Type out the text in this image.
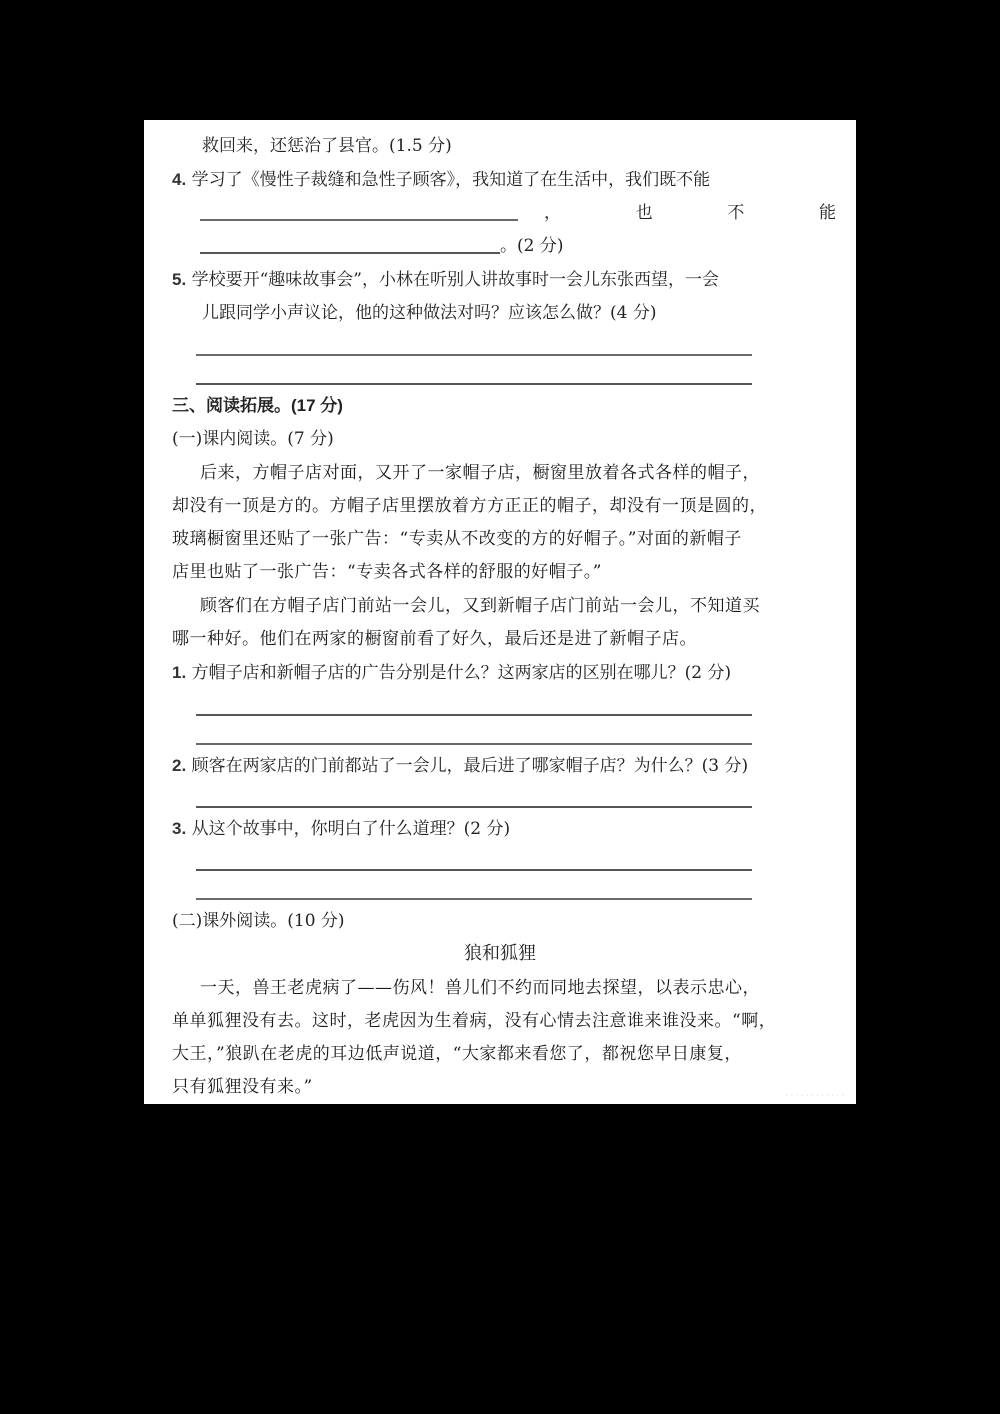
救回来，还惩治了县官。(1.5 分)
4. 学习了《慢性子裁缝和急性子顾客》，我知道了在生活中，我们既不能
，	也	不	能
。(2 分)
5. 学校要开“趣味故事会”，小林在听别人讲故事时一会儿东张西望，一会
儿跟同学小声议论，他的这种做法对吗？应该怎么做？(4 分)
三、阅读拓展。(17 分)
(一)课内阅读。(7 分)
后来，方帽子店对面，又开了一家帽子店，橱窗里放着各式各样的帽子，
却没有一顶是方的。方帽子店里摆放着方方正正的帽子，却没有一顶是圆的，
玻璃橱窗里还贴了一张广告：“专卖从不改变的方的好帽子。”对面的新帽子
店里也贴了一张广告：“专卖各式各样的舒服的好帽子。”
顾客们在方帽子店门前站一会儿，又到新帽子店门前站一会儿，不知道买
哪一种好。他们在两家的橱窗前看了好久，最后还是进了新帽子店。
1. 方帽子店和新帽子店的广告分别是什么？这两家店的区别在哪儿？(2 分)
2. 顾客在两家店的门前都站了一会儿，最后进了哪家帽子店？为什么？(3 分)
3. 从这个故事中，你明白了什么道理？(2 分)
(二)课外阅读。(10 分)
狼和狐狸
一天，兽王老虎病了——伤风！兽儿们不约而同地去探望，以表示忠心，
单单狐狸没有去。这时，老虎因为生着病，没有心情去注意谁来谁没来。“啊，
大王，”狼趴在老虎的耳边低声说道，“大家都来看您了，都祝您早日康复，
只有狐狸没有来。”	· · · · · · · · · · · ·
